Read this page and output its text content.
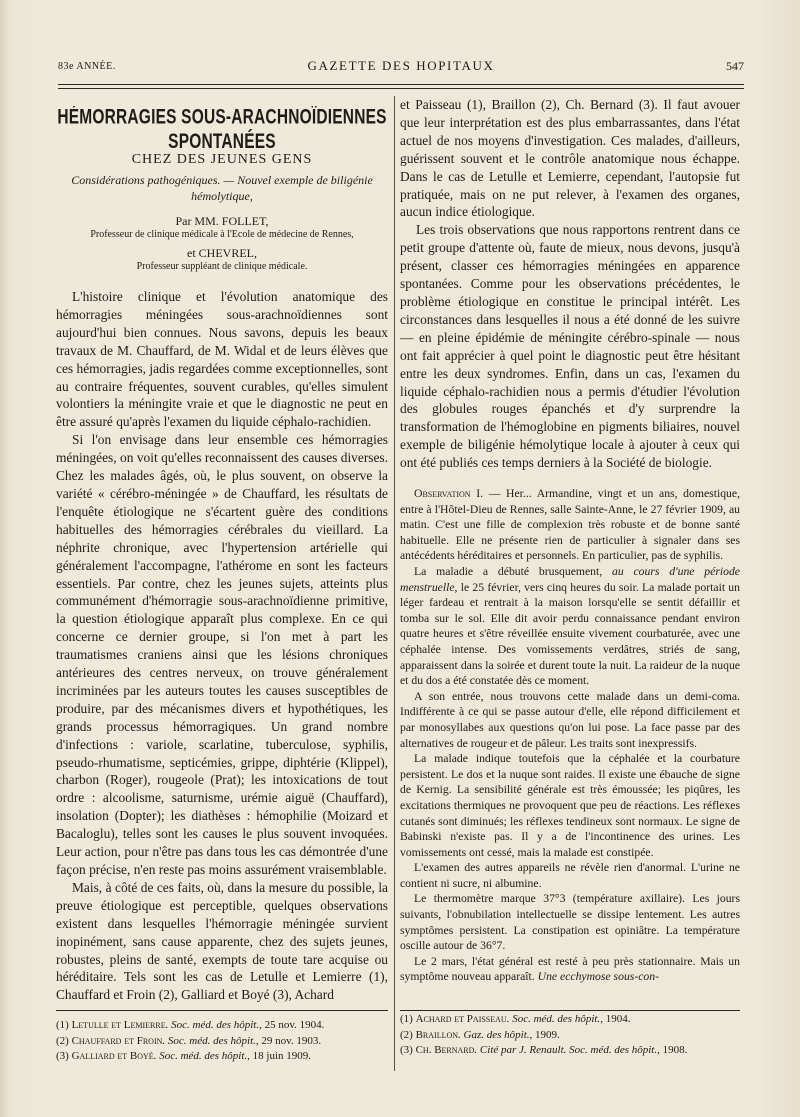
83e ANNÉE.	GAZETTE DES HOPITAUX	547
HÉMORRAGIES SOUS-ARACHNOÏDIENNES SPONTANÉES
CHEZ DES JEUNES GENS
Considérations pathogéniques. — Nouvel exemple de biligénie hémolytique,
Par MM. FOLLET,
Professeur de clinique médicale à l'Ecole de médecine de Rennes,
et CHEVREL,
Professeur suppléant de clinique médicale.

L'histoire clinique et l'évolution anatomique des hémorragies méningées sous-arachnoïdiennes sont aujourd'hui bien connues. Nous savons, depuis les beaux travaux de M. Chauffard, de M. Widal et de leurs élèves que ces hémorragies, jadis regardées comme exceptionnelles, sont au contraire fréquentes, souvent curables, qu'elles simulent volontiers la méningite vraie et que le diagnostic ne peut en être assuré qu'après l'examen du liquide céphalo-rachidien.

Si l'on envisage dans leur ensemble ces hémorragies méningées, on voit qu'elles reconnaissent des causes diverses. Chez les malades âgés, où, le plus souvent, on observe la variété « cérébro-méningée » de Chauffard, les résultats de l'enquête étiologique ne s'écartent guère des conditions habituelles des hémorragies cérébrales du vieillard. La néphrite chronique, avec l'hypertension artérielle qui généralement l'accompagne, l'athérome en sont les facteurs essentiels. Par contre, chez les jeunes sujets, atteints plus communément d'hémorragie sous-arachnoïdienne primitive, la question étiologique apparaît plus complexe. En ce qui concerne ce dernier groupe, si l'on met à part les traumatismes craniens ainsi que les lésions chroniques antérieures des centres nerveux, on trouve généralement incriminées par les auteurs toutes les causes susceptibles de produire, par des mécanismes divers et hypothétiques, les grands processus hémorragiques. Un grand nombre d'infections : variole, scarlatine, tuberculose, syphilis, pseudo-rhumatisme, septicémies, grippe, diphtérie (Klippel), charbon (Roger), rougeole (Prat); les intoxications de tout ordre : alcoolisme, saturnisme, urémie aiguë (Chauffard), insolation (Dopter); les diathèses : hémophilie (Moizard et Bacaloglu), telles sont les causes le plus souvent invoquées. Leur action, pour n'être pas dans tous les cas démontrée d'une façon précise, n'en reste pas moins assurément vraisemblable.

Mais, à côté de ces faits, où, dans la mesure du possible, la preuve étiologique est perceptible, quelques observations existent dans lesquelles l'hémorragie méningée survient inopinément, sans cause apparente, chez des sujets jeunes, robustes, pleins de santé, exempts de toute tare acquise ou héréditaire. Tels sont les cas de Letulle et Lemierre (1), Chauffard et Froin (2), Galliard et Boyé (3), Achard

et Paisseau (1), Braillon (2), Ch. Bernard (3). Il faut avouer que leur interprétation est des plus embarrassantes, dans l'état actuel de nos moyens d'investigation. Ces malades, d'ailleurs, guérissent souvent et le contrôle anatomique nous échappe. Dans le cas de Letulle et Lemierre, cependant, l'autopsie fut pratiquée, mais on ne put relever, à l'examen des organes, aucun indice étiologique.

Les trois observations que nous rapportons rentrent dans ce petit groupe d'attente où, faute de mieux, nous devons, jusqu'à présent, classer ces hémorragies méningées en apparence spontanées. Comme pour les observations précédentes, le problème étiologique en constitue le principal intérêt. Les circonstances dans lesquelles il nous a été donné de les suivre — en pleine épidémie de méningite cérébro-spinale — nous ont fait apprécier à quel point le diagnostic peut être hésitant entre les deux syndromes. Enfin, dans un cas, l'examen du liquide céphalo-rachidien nous a permis d'étudier l'évolution des globules rouges épanchés et d'y surprendre la transformation de l'hémoglobine en pigments biliaires, nouvel exemple de biligénie hémolytique locale à ajouter à ceux qui ont été publiés ces temps derniers à la Société de biologie.

Observation I. — Her... Armandine, vingt et un ans, domestique, entre à l'Hôtel-Dieu de Rennes, salle Sainte-Anne, le 27 février 1909, au matin. C'est une fille de complexion très robuste et de bonne santé habituelle. Elle ne présente rien de particulier à signaler dans ses antécédents héréditaires et personnels. En particulier, pas de syphilis.

La maladie a débuté brusquement, au cours d'une période menstruelle, le 25 février, vers cinq heures du soir. La malade portait un léger fardeau et rentrait à la maison lorsqu'elle se sentit défaillir et tomba sur le sol. Elle dit avoir perdu connaissance pendant environ quatre heures et s'être réveillée ensuite vivement courbaturée, avec une céphalée intense. Des vomissements verdâtres, striés de sang, apparaissent dans la soirée et durent toute la nuit. La raideur de la nuque et du dos a été constatée dès ce moment.

A son entrée, nous trouvons cette malade dans un demi-coma. Indifférente à ce qui se passe autour d'elle, elle répond difficilement et par monosyllabes aux questions qu'on lui pose. La face passe par des alternatives de rougeur et de pâleur. Les traits sont inexpressifs.

La malade indique toutefois que la céphalée et la courbature persistent. Le dos et la nuque sont raides. Il existe une ébauche de signe de Kernig. La sensibilité générale est très émoussée; les piqûres, les excitations thermiques ne provoquent que peu de réactions. Les réflexes cutanés sont diminués; les réflexes tendineux sont normaux. Le signe de Babinski n'existe pas. Il y a de l'incontinence des urines. Les vomissements ont cessé, mais la malade est constipée.

L'examen des autres appareils ne révèle rien d'anormal. L'urine ne contient ni sucre, ni albumine.

Le thermomètre marque 37°3 (température axillaire). Les jours suivants, l'obnubilation intellectuelle se dissipe lentement. Les autres symptômes persistent. La constipation est opiniâtre. La température oscille autour de 36°7.

Le 2 mars, l'état général est resté à peu près stationnaire. Mais un symptôme nouveau apparaît. Une ecchymose sous-con-

(1) Letulle et Lemierre. Soc. méd. des hôpit., 25 nov. 1904.

(2) Chauffard et Froin. Soc. méd. des hôpit., 29 nov. 1903.

(3) Galliard et Boyé. Soc. méd. des hôpit., 18 juin 1909.

(1) Achard et Paisseau. Soc. méd. des hôpit., 1904.

(2) Braillon. Gaz. des hôpit., 1909.

(3) Ch. Bernard. Cité par J. Renault. Soc. méd. des hôpit., 1908.
